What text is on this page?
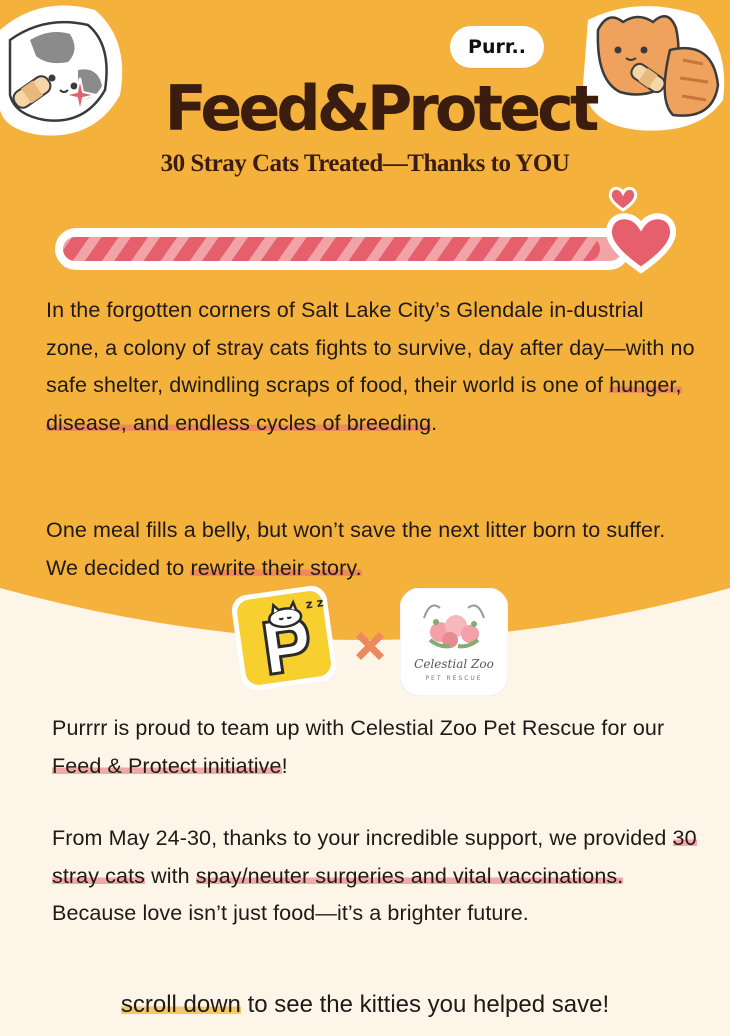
Purr..
Feed&Protect
30 Stray Cats Treated—Thanks to YOU

In the forgotten corners of Salt Lake City’s Glendale in-dustrial zone, a colony of stray cats fights to survive, day after day—with no safe shelter, dwindling scraps of food, their world is one of hunger, disease, and endless cycles of breeding.

One meal fills a belly, but won’t save the next litter born to suffer. We decided to rewrite their story.

z z
Celestial Zoo
PET RESCUE

Purrrr is proud to team up with Celestial Zoo Pet Rescue for our Feed & Protect initiative!

From May 24-30, thanks to your incredible support, we provided 30 stray cats with spay/neuter surgeries and vital vaccinations. Because love isn’t just food—it’s a brighter future.

scroll down to see the kitties you helped save!
